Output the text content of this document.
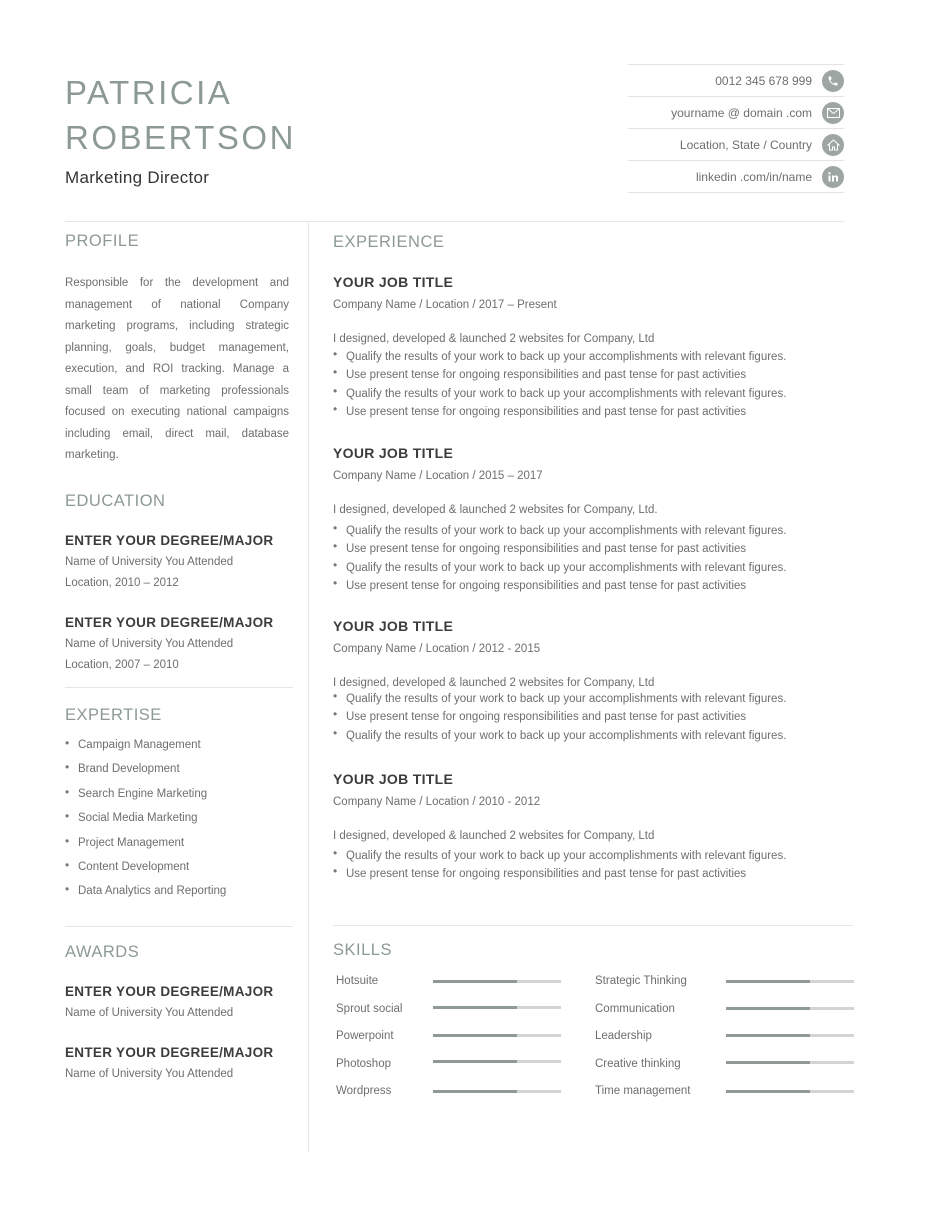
PATRICIA
ROBERTSON
Marketing Director
0012 345 678 999
yourname @ domain .com
Location, State / Country
linkedin .com/in/name
PROFILE
Responsible for the development and management of national Company marketing programs, including strategic planning, goals, budget management, execution, and ROI tracking. Manage a small team of marketing professionals focused on executing national campaigns including email, direct mail, database marketing.
EDUCATION
ENTER YOUR DEGREE/MAJOR
Name of University You Attended
Location, 2010 – 2012
ENTER YOUR DEGREE/MAJOR
Name of University You Attended
Location, 2007 – 2010
EXPERTISE
• Campaign Management
• Brand Development
• Search Engine Marketing
• Social Media Marketing
• Project Management
• Content Development
• Data Analytics and Reporting
AWARDS
ENTER YOUR DEGREE/MAJOR
Name of University You Attended
ENTER YOUR DEGREE/MAJOR
Name of University You Attended
EXPERIENCE
YOUR JOB TITLE
Company Name / Location / 2017 – Present
I designed, developed & launched 2 websites for Company, Ltd
• Qualify the results of your work to back up your accomplishments with relevant figures.
• Use present tense for ongoing responsibilities and past tense for past activities
• Qualify the results of your work to back up your accomplishments with relevant figures.
• Use present tense for ongoing responsibilities and past tense for past activities
YOUR JOB TITLE
Company Name / Location / 2015 – 2017
I designed, developed & launched 2 websites for Company, Ltd.
• Qualify the results of your work to back up your accomplishments with relevant figures.
• Use present tense for ongoing responsibilities and past tense for past activities
• Qualify the results of your work to back up your accomplishments with relevant figures.
• Use present tense for ongoing responsibilities and past tense for past activities
YOUR JOB TITLE
Company Name / Location / 2012 - 2015
I designed, developed & launched 2 websites for Company, Ltd
• Qualify the results of your work to back up your accomplishments with relevant figures.
• Use present tense for ongoing responsibilities and past tense for past activities
• Qualify the results of your work to back up your accomplishments with relevant figures.
YOUR JOB TITLE
Company Name / Location / 2010 - 2012
I designed, developed & launched 2 websites for Company, Ltd
• Qualify the results of your work to back up your accomplishments with relevant figures.
• Use present tense for ongoing responsibilities and past tense for past activities
SKILLS
Hotsuite
Sprout social
Powerpoint
Photoshop
Wordpress
Strategic Thinking
Communication
Leadership
Creative thinking
Time management
